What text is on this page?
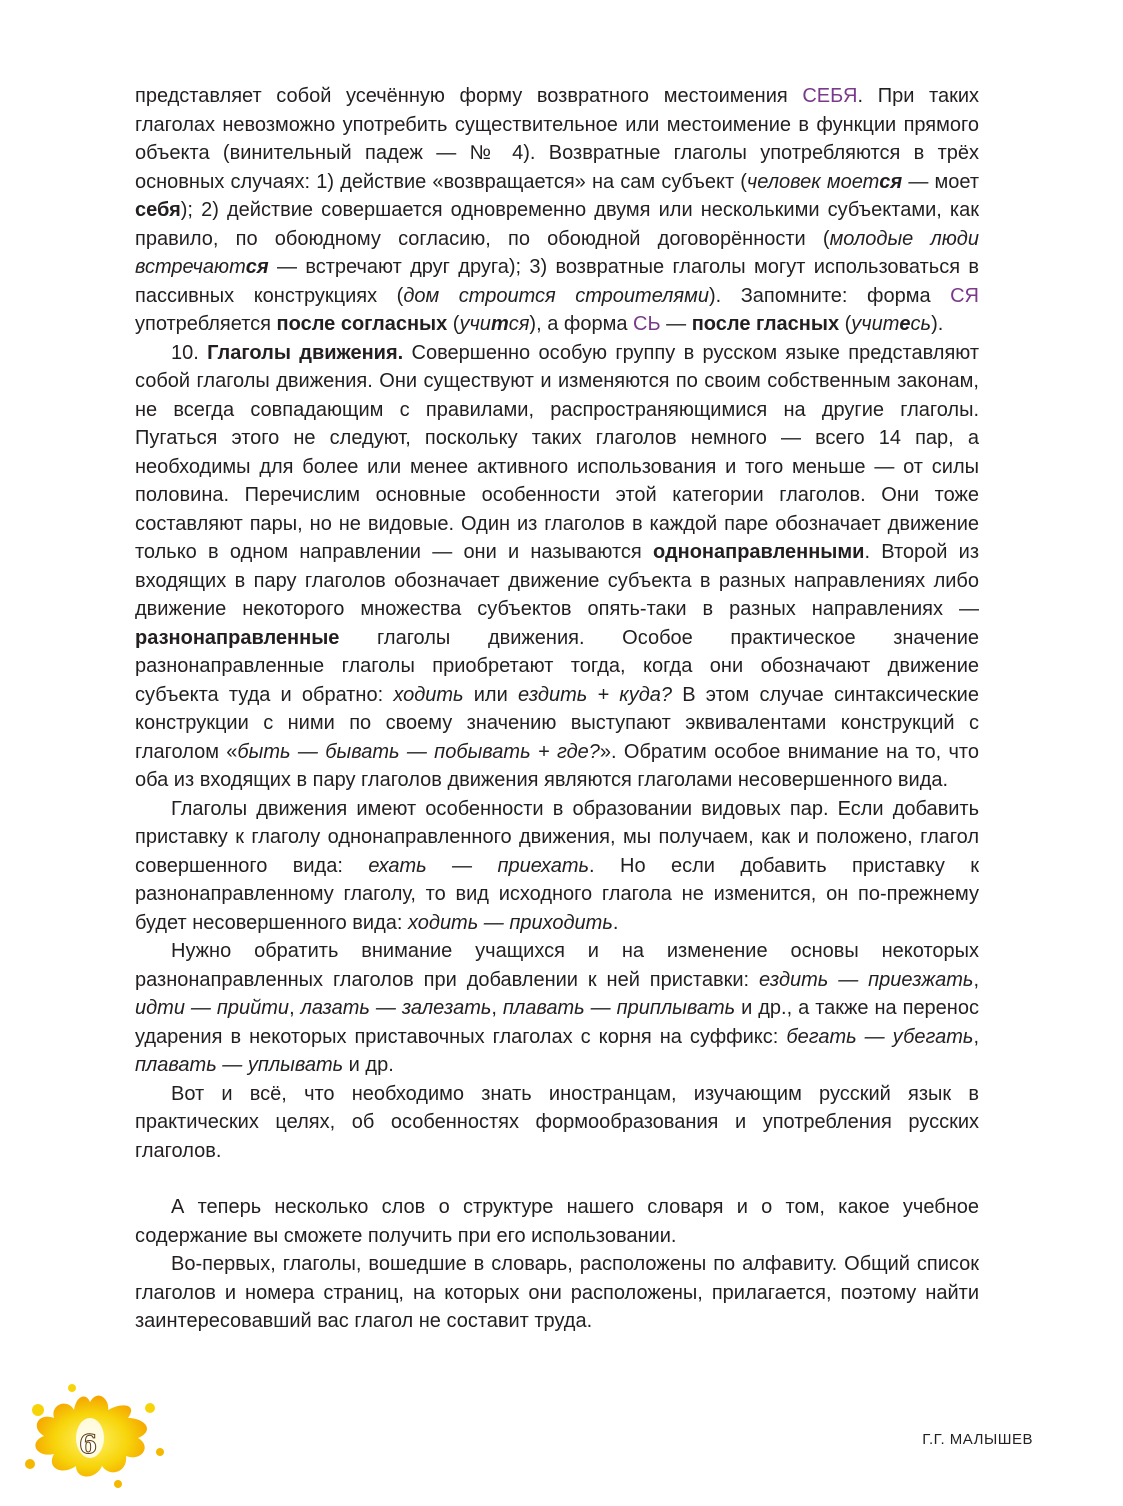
представляет собой усечённую форму возвратного местоимения СЕБЯ. При таких глаголах невозможно употребить существительное или местоимение в функции прямого объекта (винительный падеж — № 4). Возвратные глаголы употребляются в трёх основных случаях: 1) действие «возвращается» на сам субъект (человек моется — моет себя); 2) действие совершается одновременно двумя или несколькими субъектами, как правило, по обоюдному согласию, по обоюдной договорённости (молодые люди встречаются — встречают друг друга); 3) возвратные глаголы могут использоваться в пассивных конструкциях (дом строится строителями). Запомните: форма СЯ употребляется после согласных (учится), а форма СЬ — после гласных (учитесь).

10. Глаголы движения. Совершенно особую группу в русском языке представляют собой глаголы движения. Они существуют и изменяются по своим собственным законам, не всегда совпадающим с правилами, распространяющимися на другие глаголы. Пугаться этого не следуют, поскольку таких глаголов немного — всего 14 пар, а необходимы для более или менее активного использования и того меньше — от силы половина. Перечислим основные особенности этой категории глаголов. Они тоже составляют пары, но не видовые. Один из глаголов в каждой паре обозначает движение только в одном направлении — они и называются однонаправленными. Второй из входящих в пару глаголов обозначает движение субъекта в разных направлениях либо движение некоторого множества субъектов опять-таки в разных направлениях — разнонаправленные глаголы движения. Особое практическое значение разнонаправленные глаголы приобретают тогда, когда они обозначают движение субъекта туда и обратно: ходить или ездить + куда? В этом случае синтаксические конструкции с ними по своему значению выступают эквивалентами конструкций с глаголом «быть — бывать — побывать + где?». Обратим особое внимание на то, что оба из входящих в пару глаголов движения являются глаголами несовершенного вида.

Глаголы движения имеют особенности в образовании видовых пар. Если добавить приставку к глаголу однонаправленного движения, мы получаем, как и положено, глагол совершенного вида: ехать — приехать. Но если добавить приставку к разнонаправленному глаголу, то вид исходного глагола не изменится, он по-прежнему будет несовершенного вида: ходить — приходить.

Нужно обратить внимание учащихся и на изменение основы некоторых разнонаправленных глаголов при добавлении к ней приставки: ездить — приезжать, идти — прийти, лазать — залезать, плавать — приплывать и др., а также на перенос ударения в некоторых приставочных глаголах с корня на суффикс: бегать — убегать, плавать — уплывать и др.

Вот и всё, что необходимо знать иностранцам, изучающим русский язык в практических целях, об особенностях формообразования и употребления русских глаголов.

А теперь несколько слов о структуре нашего словаря и о том, какое учебное содержание вы сможете получить при его использовании.

Во-первых, глаголы, вошедшие в словарь, расположены по алфавиту. Общий список глаголов и номера страниц, на которых они расположены, прилагается, поэтому найти заинтересовавший вас глагол не составит труда.

6	Г.Г. МАЛЫШЕВ
